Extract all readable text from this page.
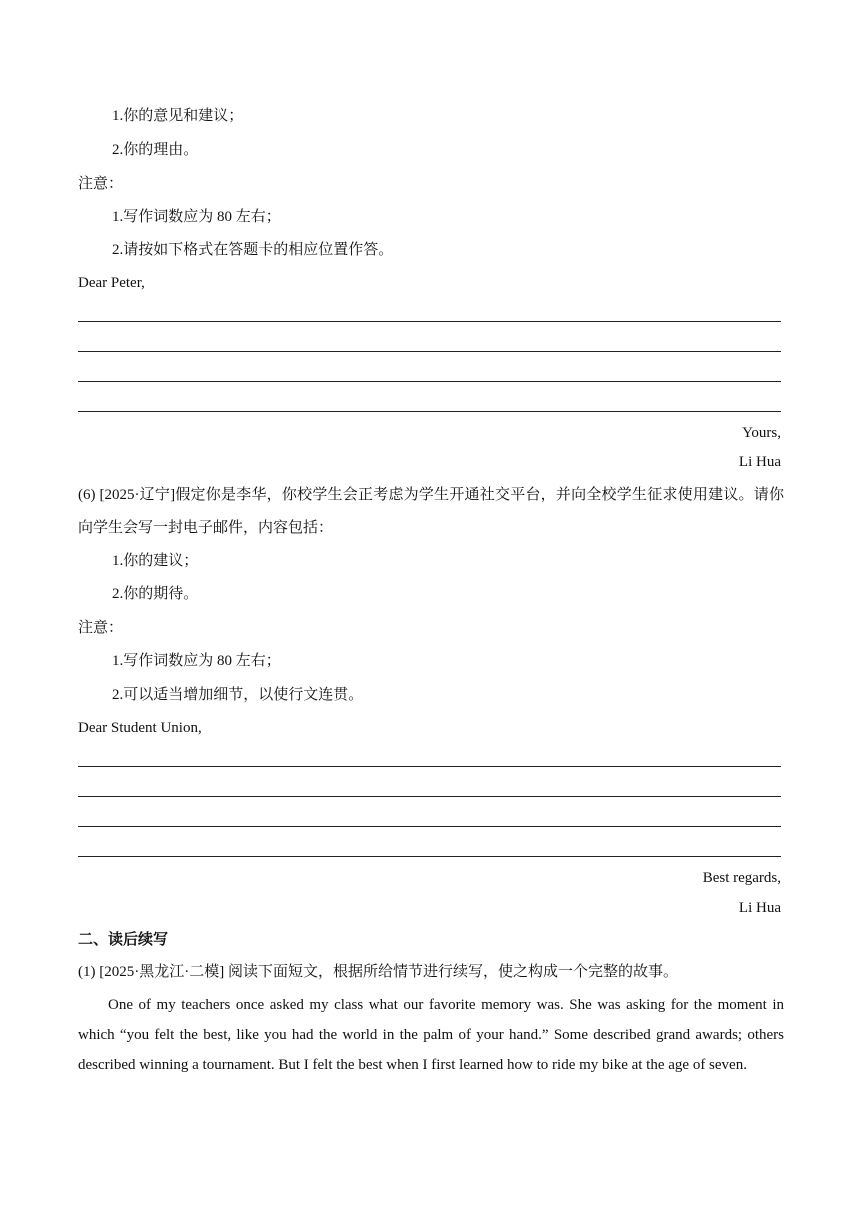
1.你的意见和建议；
2.你的理由。
注意：
1.写作词数应为 80 左右；
2.请按如下格式在答题卡的相应位置作答。
Dear Peter,
Yours,
Li Hua
(6) [2025·辽宁]假定你是李华，你校学生会正考虑为学生开通社交平台，并向全校学生征求使用建议。请你向学生会写一封电子邮件，内容包括：
1.你的建议；
2.你的期待。
注意：
1.写作词数应为 80 左右；
2.可以适当增加细节，以使行文连贯。
Dear Student Union,
Best regards,
Li Hua
二、读后续写
(1) [2025·黑龙江·二模] 阅读下面短文，根据所给情节进行续写，使之构成一个完整的故事。
One of my teachers once asked my class what our favorite memory was. She was asking for the moment in which “you felt the best, like you had the world in the palm of your hand.” Some described grand awards; others described winning a tournament. But I felt the best when I first learned how to ride my bike at the age of seven.
